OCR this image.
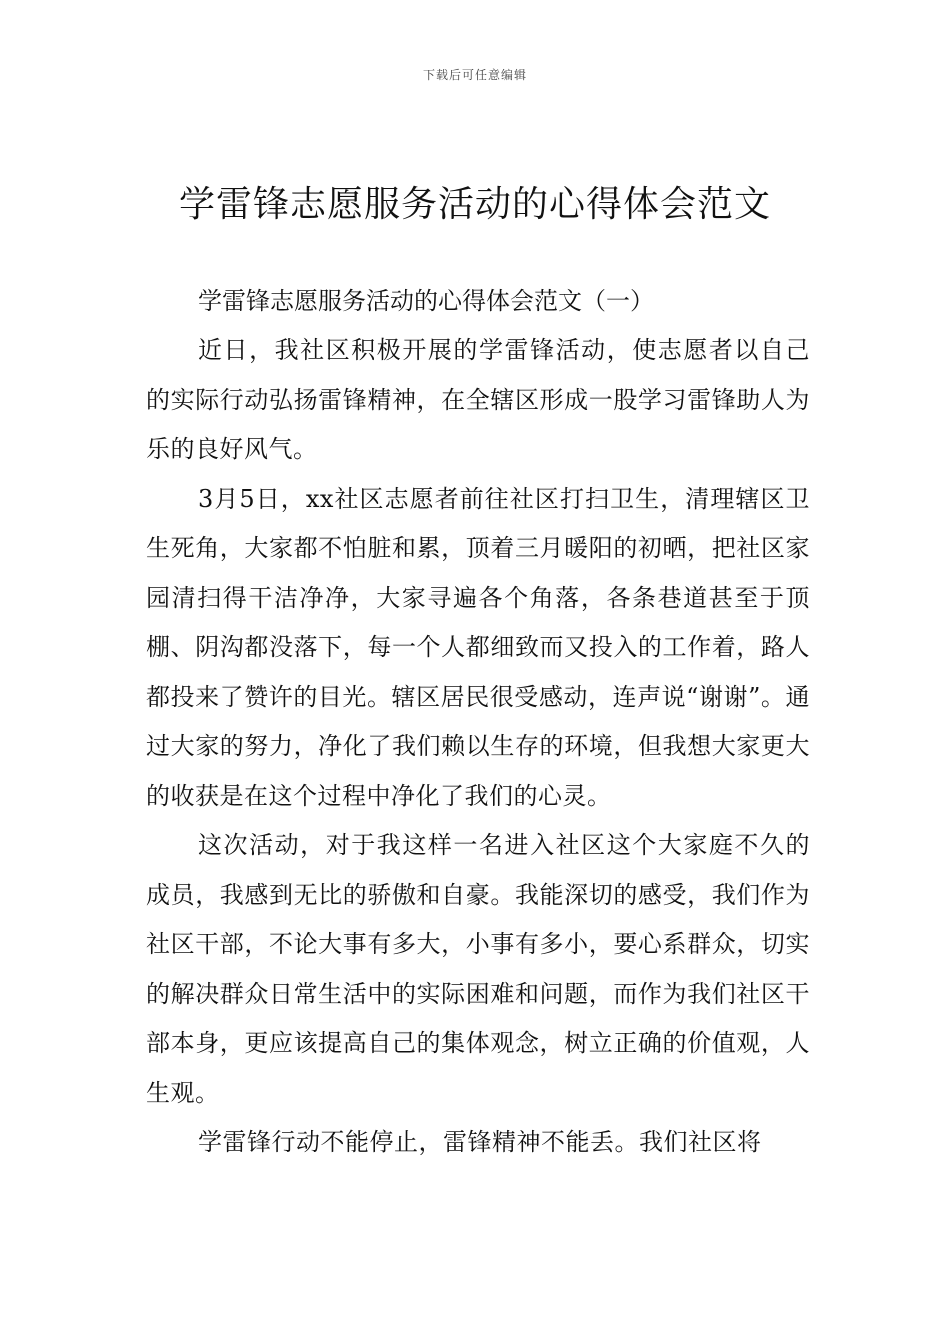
下载后可任意编辑
学雷锋志愿服务活动的心得体会范文

学雷锋志愿服务活动的心得体会范文（一）

近日，我社区积极开展的学雷锋活动，使志愿者以自己的实际行动弘扬雷锋精神，在全辖区形成一股学习雷锋助人为乐的良好风气。

3月5日，xx社区志愿者前往社区打扫卫生，清理辖区卫生死角，大家都不怕脏和累，顶着三月暖阳的初晒，把社区家园清扫得干洁净净，大家寻遍各个角落，各条巷道甚至于顶棚、阴沟都没落下，每一个人都细致而又投入的工作着，路人都投来了赞许的目光。辖区居民很受感动，连声说“谢谢”。通过大家的努力，净化了我们赖以生存的环境，但我想大家更大的收获是在这个过程中净化了我们的心灵。

这次活动，对于我这样一名进入社区这个大家庭不久的成员，我感到无比的骄傲和自豪。我能深切的感受，我们作为社区干部，不论大事有多大，小事有多小，要心系群众，切实的解决群众日常生活中的实际困难和问题，而作为我们社区干部本身，更应该提高自己的集体观念，树立正确的价值观，人生观。

学雷锋行动不能停止，雷锋精神不能丢。我们社区将
